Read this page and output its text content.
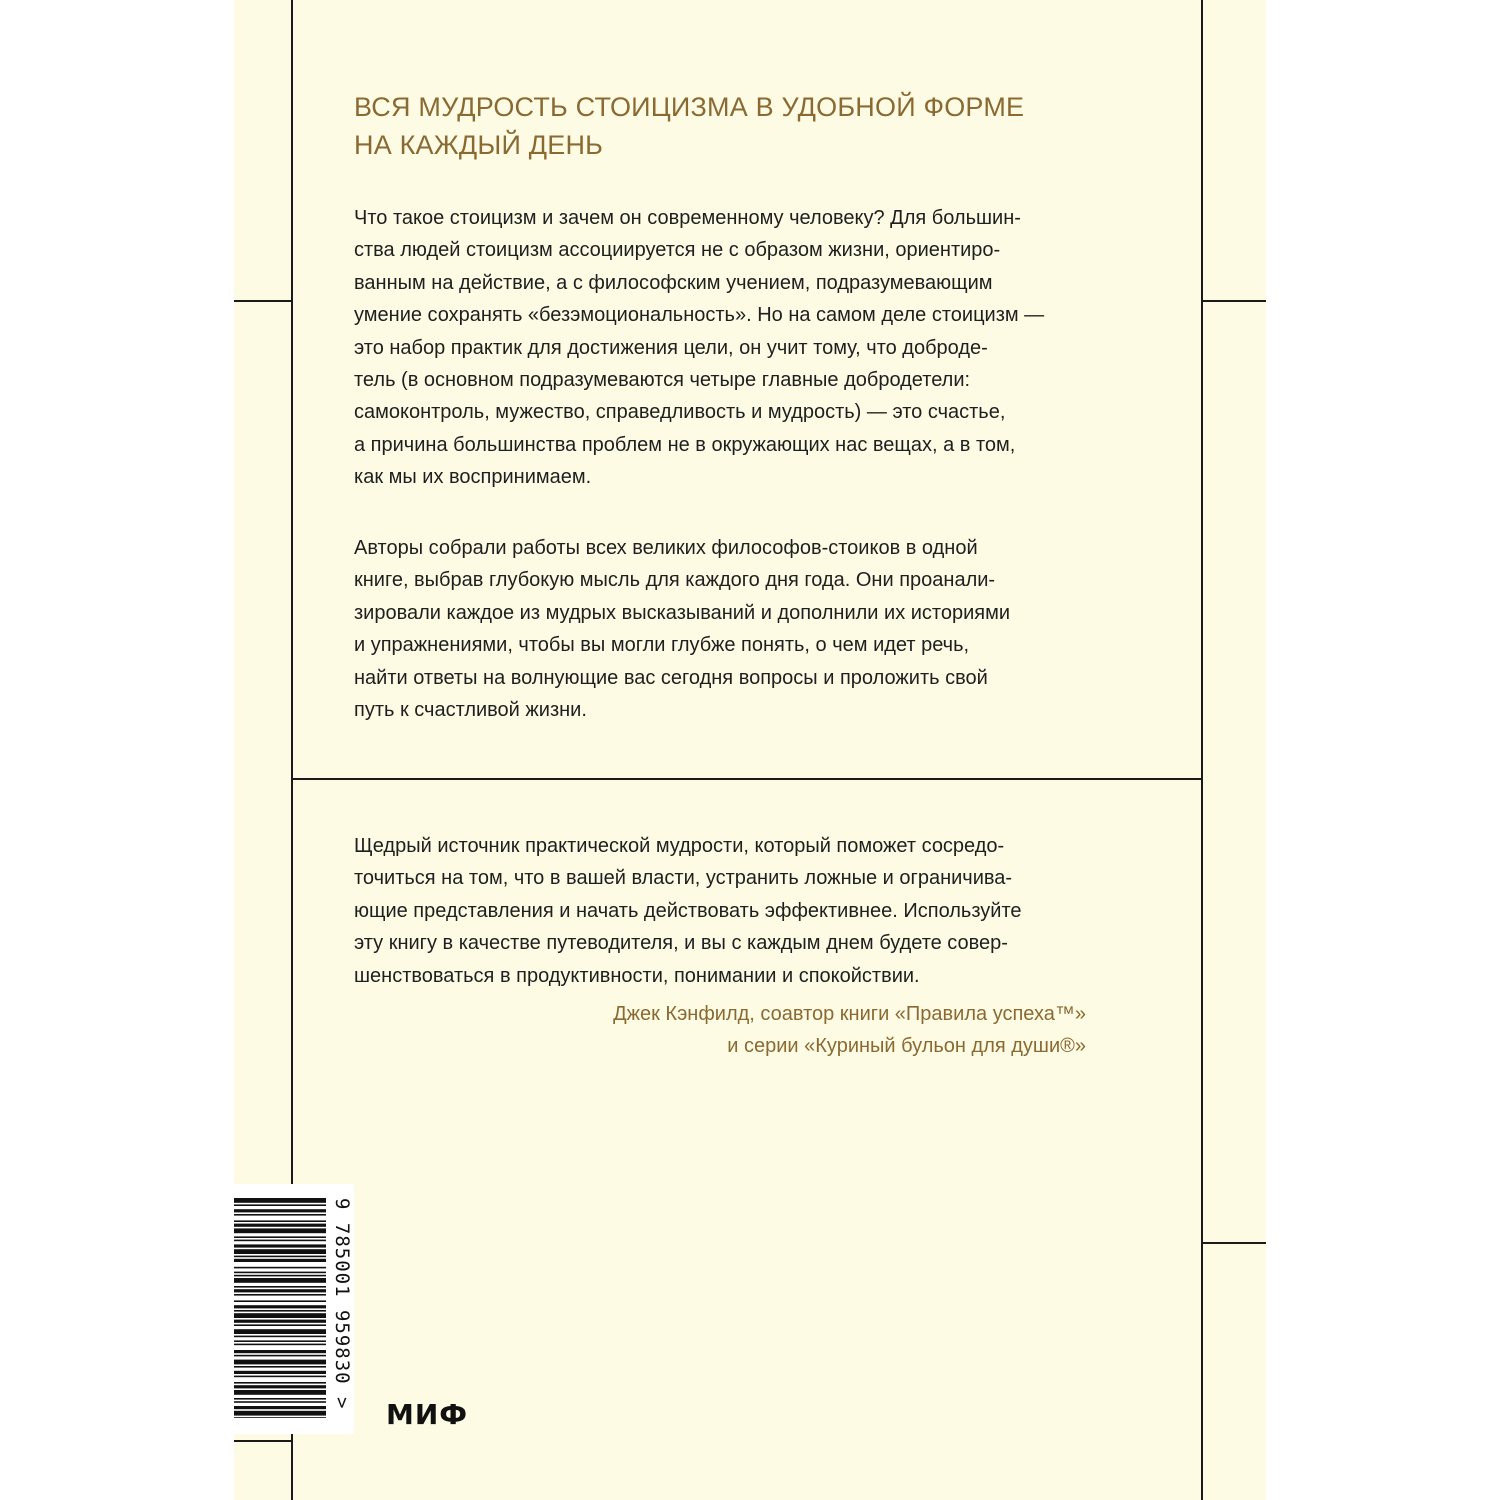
ВСЯ МУДРОСТЬ СТОИЦИЗМА В УДОБНОЙ ФОРМЕ
НА КАЖДЫЙ ДЕНЬ
Что такое стоицизм и зачем он современному человеку? Для большин-
ства людей стоицизм ассоциируется не с образом жизни, ориентиро-
ванным на действие, а с философским учением, подразумевающим
умение сохранять «безэмоциональность». Но на самом деле стоицизм —
это набор практик для достижения цели, он учит тому, что доброде-
тель (в основном подразумеваются четыре главные добродетели:
самоконтроль, мужество, справедливость и мудрость) — это счастье,
а причина большинства проблем не в окружающих нас вещах, а в том,
как мы их воспринимаем.
Авторы собрали работы всех великих философов-стоиков в одной
книге, выбрав глубокую мысль для каждого дня года. Они проанали-
зировали каждое из мудрых высказываний и дополнили их историями
и упражнениями, чтобы вы могли глубже понять, о чем идет речь,
найти ответы на волнующие вас сегодня вопросы и проложить свой
путь к счастливой жизни.
Щедрый источник практической мудрости, который поможет сосредо-
точиться на том, что в вашей власти, устранить ложные и ограничива-
ющие представления и начать действовать эффективнее. Используйте
эту книгу в качестве путеводителя, и вы с каждым днем будете совер-
шенствоваться в продуктивности, понимании и спокойствии.
Джек Кэнфилд, соавтор книги «Правила успеха™»
и серии «Куриный бульон для души®»
9 785001 959830 >
МИФ
